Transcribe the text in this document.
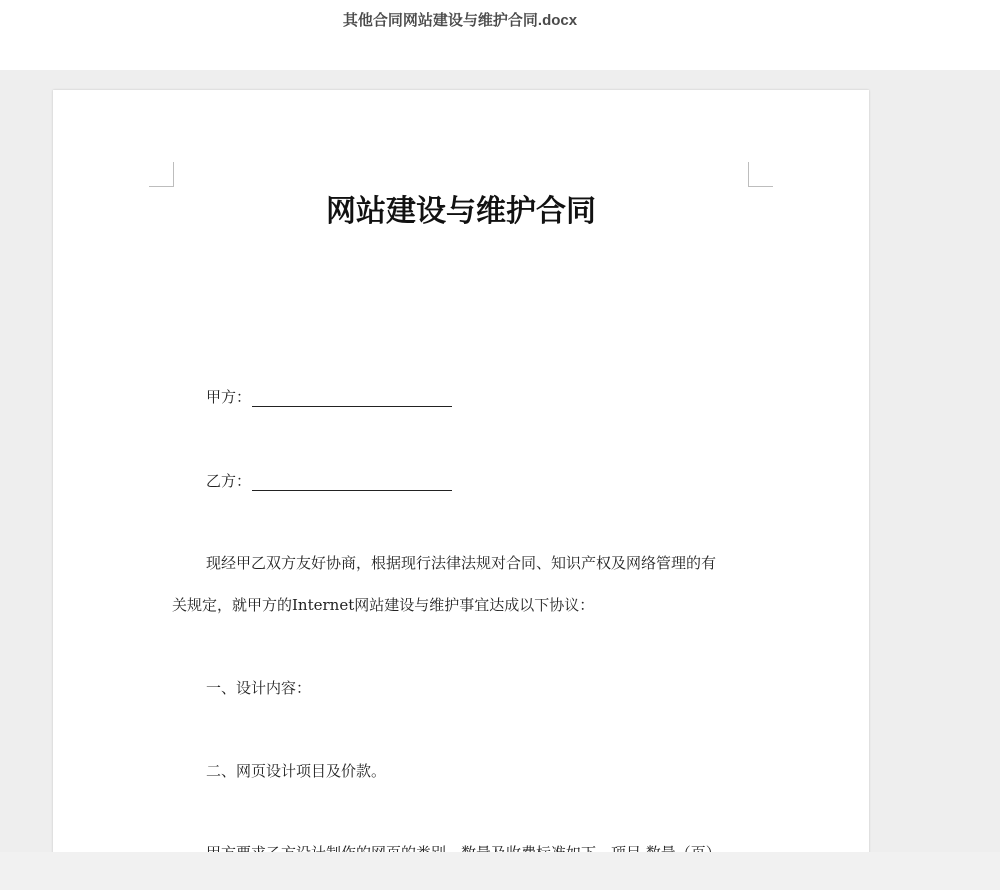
其他合同网站建设与维护合同.docx
网站建设与维护合同
甲方：
乙方：
现经甲乙双方友好协商，根据现行法律法规对合同、知识产权及网络管理的有
关规定，就甲方的Internet网站建设与维护事宜达成以下协议：
一、设计内容：
二、网页设计项目及价款。
